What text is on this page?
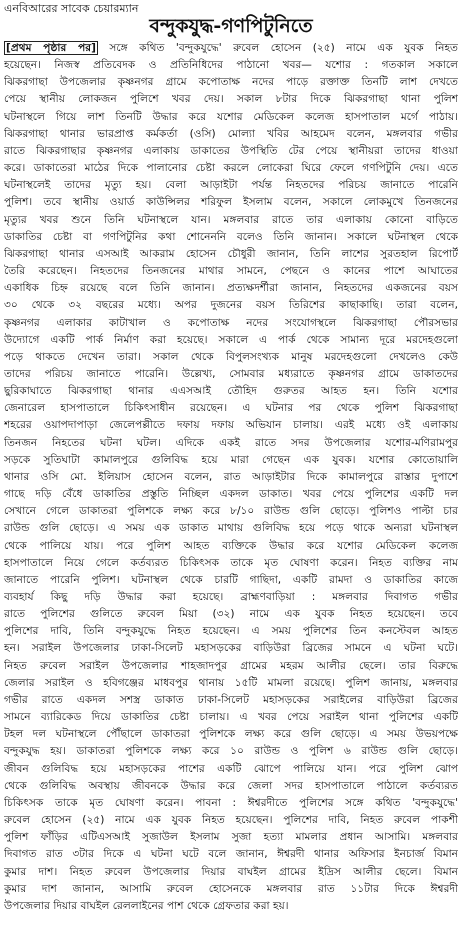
এনবিআরের সাবেক চেয়ারম্যান
বন্দুকযুদ্ধ-গণপিটুনিতে
[প্রথম পৃষ্ঠার পর] সঙ্গে কথিত 'বন্দুকযুদ্ধে' রুবেল হোসেন (২৫) নামে এক যুবক নিহত
হয়েছেন। নিজস্ব প্রতিবেদক ও প্রতিনিধিদের পাঠানো খবর— যশোর : গতকাল সকালে
ঝিকরগাছা উপজেলার কৃষ্ণনগর গ্রামে কপোতাক্ষ নদের পাড়ে রক্তাক্ত তিনটি লাশ দেখতে
পেয়ে স্থানীয় লোকজন পুলিশে খবর দেয়। সকাল ৮টার দিকে ঝিকরগাছা থানা পুলিশ
ঘটনাস্থলে গিয়ে লাশ তিনটি উদ্ধার করে যশোর মেডিকেল কলেজ হাসপাতাল মর্গে পাঠায়।
ঝিকরগাছা থানার ভারপ্রাপ্ত কর্মকর্তা (ওসি) মোল্যা খবির আহমেদ বলেন, মঙ্গলবার গভীর
রাতে ঝিকরগাছার কৃষ্ণনগর এলাকায় ডাকাতের উপস্থিতি টের পেয়ে স্থানীয়রা তাদের ধাওয়া
করে। ডাকাতেরা মাঠের দিকে পালানোর চেষ্টা করলে লোকেরা ঘিরে ফেলে গণপিটুনি দেয়। এতে
ঘটনাস্থলেই তাদের মৃত্যু হয়। বেলা আড়াইটা পর্যন্ত নিহতদের পরিচয় জানাতে পারেনি
পুলিশ। তবে স্থানীয় ওয়ার্ড কাউন্সিলর শরিফুল ইসলাম বলেন, সকালে লোকমুখে তিনজনের
মৃত্যুর খবর শুনে তিনি ঘটনাস্থলে যান। মঙ্গলবার রাতে তার এলাকায় কোনো বাড়িতে
ডাকাতির চেষ্টা বা গণপিটুনির কথা শোনেননি বলেও তিনি জানান। সকালে ঘটনাস্থল থেকে
ঝিকরগাছা থানার এসআই আকরাম হোসেন চৌধুরী জানান, তিনি লাশের সুরতহাল রিপোর্ট
তৈরি করেছেন। নিহতদের তিনজনের মাথার সামনে, পেছনে ও কানের পাশে আঘাতের
একাধিক চিহ্ন রয়েছে বলে তিনি জানান। প্রত্যক্ষদর্শীরা জানান, নিহতদের একজনের বয়স
৩০ থেকে ৩২ বছরের মধ্যে। অপর দুজনের বয়স তিরিশের কাছাকাছি। তারা বলেন,
কৃষ্ণনগর এলাকার কাটাখাল ও কপোতাক্ষ নদের সংযোগস্থলে ঝিকরগাছা পৌরসভার
উদ্যোগে একটি পার্ক নির্মাণ করা হয়েছে। সকালে এ পার্ক থেকে সামান্য দূরে মরদেহগুলো
পড়ে থাকতে দেখেন তারা। সকাল থেকে বিপুলসংখ্যক মানুষ মরদেহগুলো দেখলেও কেউ
তাদের পরিচয় জানাতে পারেনি। উল্লেখ্য, সোমবার মধ্যরাতে কৃষ্ণনগর গ্রামে ডাকাতদের
ছুরিকাঘাতে ঝিকরগাছা থানার এএসআই তৌহিদ গুরুতর আহত হন। তিনি যশোর
জেনারেল হাসপাতালে চিকিৎসাধীন রয়েছেন। এ ঘটনার পর থেকে পুলিশ ঝিকরগাছা
শহরের ওয়াপদাপাড়া জেলেপল্লীতে দফায় দফায় অভিযান চালায়। এরই মধ্যে ওই এলাকায়
তিনজন নিহতের ঘটনা ঘটল। এদিকে একই রাতে সদর উপজেলার যশোর-মণিরামপুর
সড়কে সুতিঘাটা কামালপুরে গুলিবিদ্ধ হয়ে মারা গেছেন এক যুবক। যশোর কোতোয়ালি
থানার ওসি মো. ইলিয়াস হোসেন বলেন, রাত আড়াইটার দিকে কামালপুরে রাস্তার দুপাশে
গাছে দড়ি বেঁধে ডাকাতির প্রস্তুতি নিচ্ছিল একদল ডাকাত। খবর পেয়ে পুলিশের একটি দল
সেখানে গেলে ডাকাতরা পুলিশকে লক্ষ্য করে ৮/১০ রাউন্ড গুলি ছোড়ে। পুলিশও পাল্টা চার
রাউন্ড গুলি ছোড়ে। এ সময় এক ডাকাত মাথায় গুলিবিদ্ধ হয়ে পড়ে থাকে অন্যরা ঘটনাস্থল
থেকে পালিয়ে যায়। পরে পুলিশ আহত ব্যক্তিকে উদ্ধার করে যশোর মেডিকেল কলেজ
হাসপাতালে নিয়ে গেলে কর্তব্যরত চিকিৎসক তাকে মৃত ঘোষণা করেন। নিহত ব্যক্তির নাম
জানাতে পারেনি পুলিশ। ঘটনাস্থল থেকে চারটি গাছিদা, একটি রামদা ও ডাকাতির কাজে
ব্যবহার্য কিছু দড়ি উদ্ধার করা হয়েছে। ব্রাহ্মণবাড়িয়া : মঙ্গলবার দিবাগত গভীর
রাতে পুলিশের গুলিতে রুবেল মিয়া (৩২) নামে এক যুবক নিহত হয়েছেন। তবে
পুলিশের দাবি, তিনি বন্দুকযুদ্ধে নিহত হয়েছেন। এ সময় পুলিশের তিন কনস্টেবল আহত
হন। সরাইল উপজেলার ঢাকা-সিলেট মহাসড়কের বাড়িউরা ব্রিজের সামনে এ ঘটনা ঘটে।
নিহত রুবেল সরাইল উপজেলার শাহজাদপুর গ্রামের মহরম আলীর ছেলে। তার বিরুদ্ধে
জেলার সরাইল ও হবিগঞ্জের মাধবপুর থানায় ১৫টি মামলা রয়েছে। পুলিশ জানায়, মঙ্গলবার
গভীর রাতে একদল সশস্ত্র ডাকাত ঢাকা-সিলেট মহাসড়কের সরাইলের বাড়িউরা ব্রিজের
সামনে ব্যারিকেড দিয়ে ডাকাতির চেষ্টা চালায়। এ খবর পেয়ে সরাইল থানা পুলিশের একটি
টহল দল ঘটনাস্থলে পৌঁছালে ডাকাতরা পুলিশকে লক্ষ্য করে গুলি ছোড়ে। এ সময় উভয়পক্ষে
বন্দুকযুদ্ধ হয়। ডাকাতরা পুলিশকে লক্ষ্য করে ১০ রাউন্ড ও পুলিশ ৬ রাউন্ড গুলি ছোড়ে।
জীবন গুলিবিদ্ধ হয়ে মহাসড়কের পাশের একটি ঝোপে পালিয়ে যান। পরে পুলিশ ঝোপ
থেকে গুলিবিদ্ধ অবস্থায় জীবনকে উদ্ধার করে জেলা সদর হাসপাতালে পাঠালে কর্তব্যরত
চিকিৎসক তাকে মৃত ঘোষণা করেন। পাবনা : ঈশ্বরদীতে পুলিশের সঙ্গে কথিত 'বন্দুকযুদ্ধে'
রুবেল হোসেন (২৫) নামে এক যুবক নিহত হয়েছেন। পুলিশের দাবি, নিহত রুবেল পাকশী
পুলিশ ফাঁড়ির এটিএসআই সুজাউল ইসলাম সুজা হত্যা মামলার প্রধান আসামি। মঙ্গলবার
দিবাগত রাত ৩টার দিকে এ ঘটনা ঘটে বলে জানান, ঈশ্বরদী থানার অফিসার ইনচার্জ বিমান
কুমার দাশ। নিহত রুবেল উপজেলার দিয়ার বাঘইল গ্রামের ইদ্রিস আলীর ছেলে। বিমান
কুমার দাশ জানান, আসামি রুবেল হোসেনকে মঙ্গলবার রাত ১১টার দিকে ঈশ্বরদী
উপজেলার দিয়ার বাঘইল রেললাইনের পাশ থেকে গ্রেফতার করা হয়।
